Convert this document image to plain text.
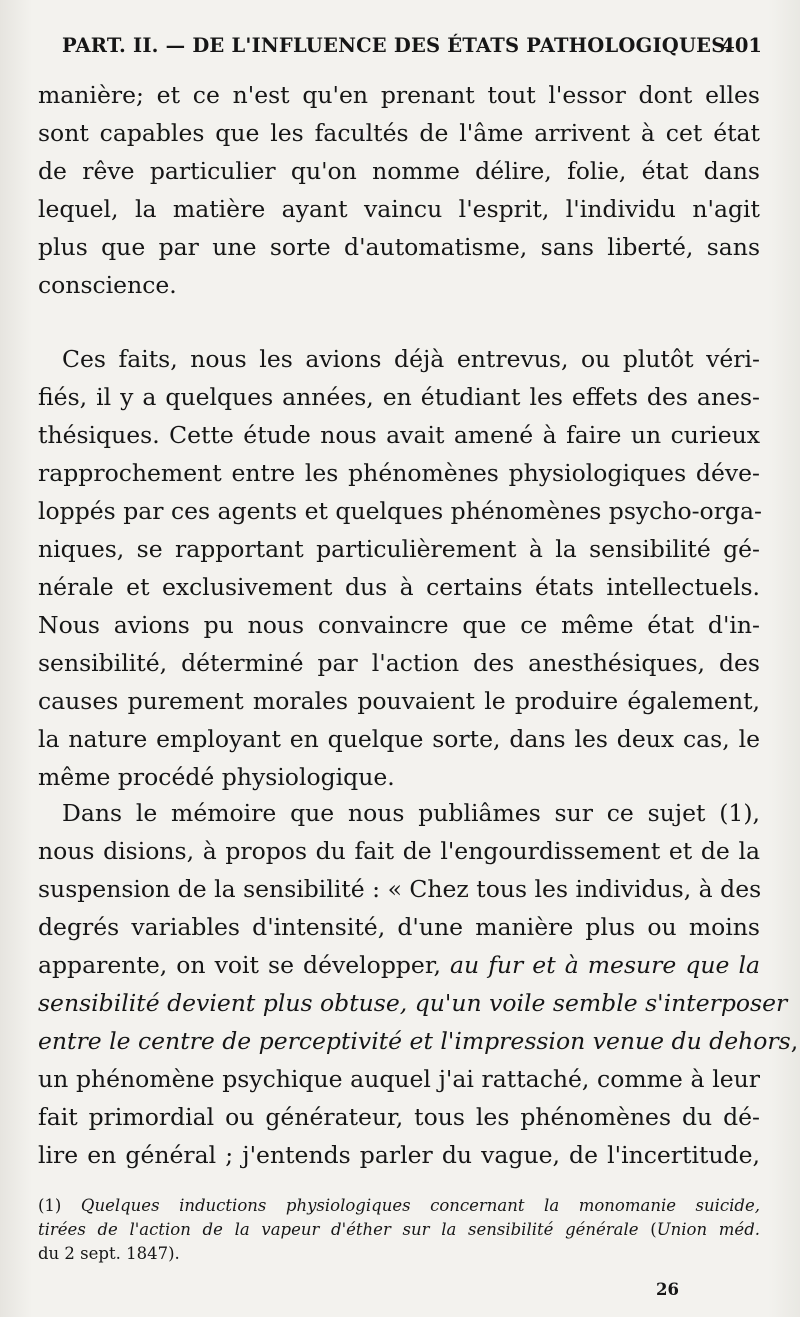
PART. II. — DE L'INFLUENCE DES ÉTATS PATHOLOGIQUES.
401
manière; et ce n'est qu'en prenant tout l'essor dont elles
sont capables que les facultés de l'âme arrivent à cet état
de rêve particulier qu'on nomme délire, folie, état dans
lequel, la matière ayant vaincu l'esprit, l'individu n'agit
plus que par une sorte d'automatisme, sans liberté, sans
conscience.
Ces faits, nous les avions déjà entrevus, ou plutôt véri-
fiés, il y a quelques années, en étudiant les effets des anes-
thésiques. Cette étude nous avait amené à faire un curieux
rapprochement entre les phénomènes physiologiques déve-
loppés par ces agents et quelques phénomènes psycho-orga-
niques, se rapportant particulièrement à la sensibilité gé-
nérale et exclusivement dus à certains états intellectuels.
Nous avions pu nous convaincre que ce même état d'in-
sensibilité, déterminé par l'action des anesthésiques, des
causes purement morales pouvaient le produire également,
la nature employant en quelque sorte, dans les deux cas, le
même procédé physiologique.
Dans le mémoire que nous publiâmes sur ce sujet (1),
nous disions, à propos du fait de l'engourdissement et de la
suspension de la sensibilité : « Chez tous les individus, à des
degrés variables d'intensité, d'une manière plus ou moins
apparente, on voit se développer, au fur et à mesure que la
sensibilité devient plus obtuse, qu'un voile semble s'interposer
entre le centre de perceptivité et l'impression venue du dehors,
un phénomène psychique auquel j'ai rattaché, comme à leur
fait primordial ou générateur, tous les phénomènes du dé-
lire en général ; j'entends parler du vague, de l'incertitude,
(1) Quelques inductions physiologiques concernant la monomanie suicide,
tirées de l'action de la vapeur d'éther sur la sensibilité générale (Union méd.
du 2 sept. 1847).
26
